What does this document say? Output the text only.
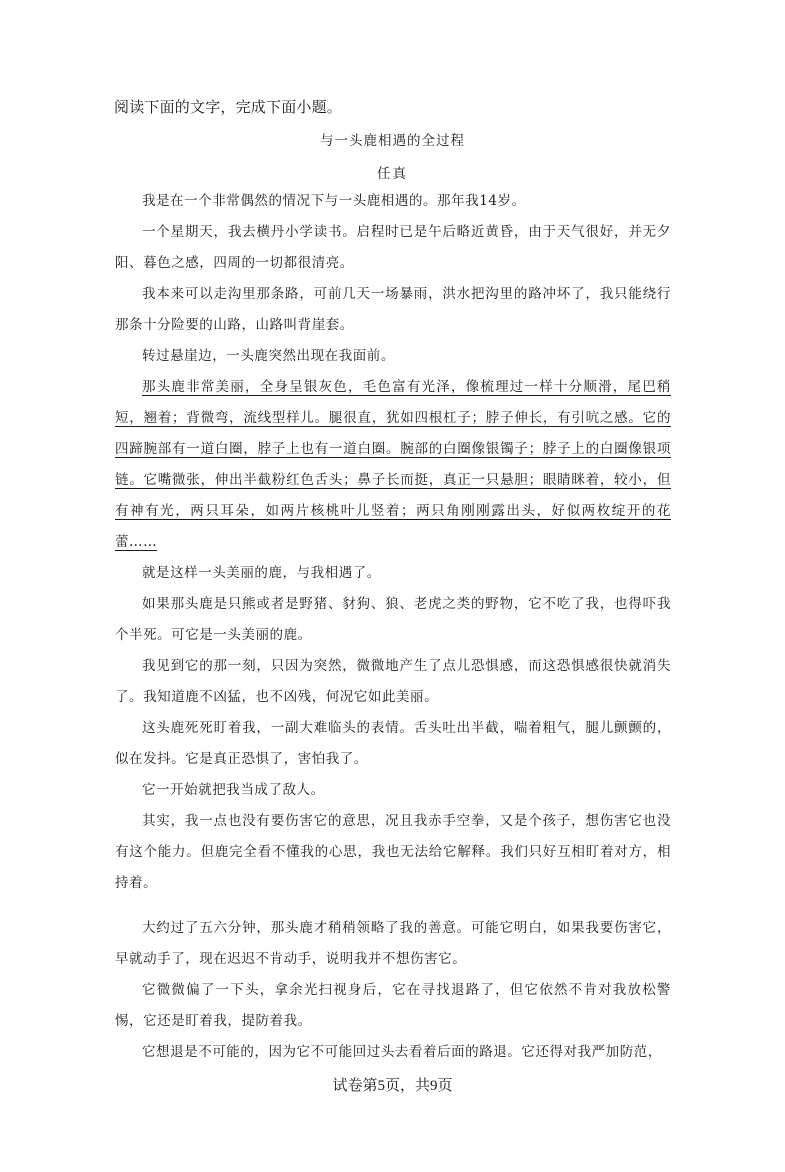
阅读下面的文字，完成下面小题。
与一头鹿相遇的全过程
任真

我是在一个非常偶然的情况下与一头鹿相遇的。那年我14岁。

一个星期天，我去横丹小学读书。启程时已是午后略近黄昏，由于天气很好，并无夕阳、暮色之感，四周的一切都很清亮。

我本来可以走沟里那条路，可前几天一场暴雨，洪水把沟里的路冲坏了，我只能绕行那条十分险要的山路，山路叫背崖套。

转过悬崖边，一头鹿突然出现在我面前。

那头鹿非常美丽，全身呈银灰色，毛色富有光泽，像梳理过一样十分顺滑，尾巴稍短，翘着；背微弯，流线型样儿。腿很直，犹如四根杠子；脖子伸长，有引吭之感。它的四蹄腕部有一道白圈，脖子上也有一道白圈。腕部的白圈像银镯子；脖子上的白圈像银项链。它嘴微张，伸出半截粉红色舌头；鼻子长而挺，真正一只悬胆；眼睛眯着，较小，但有神有光，两只耳朵，如两片核桃叶儿竖着；两只角刚刚露出头，好似两枚绽开的花蕾……

就是这样一头美丽的鹿，与我相遇了。

如果那头鹿是只熊或者是野猪、豺狗、狼、老虎之类的野物，它不吃了我，也得吓我个半死。可它是一头美丽的鹿。

我见到它的那一刻，只因为突然，微微地产生了点儿恐惧感，而这恐惧感很快就消失了。我知道鹿不凶猛，也不凶残，何况它如此美丽。

这头鹿死死盯着我，一副大难临头的表情。舌头吐出半截，喘着粗气，腿儿颤颤的，似在发抖。它是真正恐惧了，害怕我了。

它一开始就把我当成了敌人。

其实，我一点也没有要伤害它的意思，况且我赤手空拳，又是个孩子，想伤害它也没有这个能力。但鹿完全看不懂我的心思，我也无法给它解释。我们只好互相盯着对方，相持着。

大约过了五六分钟，那头鹿才稍稍领略了我的善意。可能它明白，如果我要伤害它，早就动手了，现在迟迟不肯动手，说明我并不想伤害它。

它微微偏了一下头，拿余光扫视身后，它在寻找退路了，但它依然不肯对我放松警惕，它还是盯着我，提防着我。

它想退是不可能的，因为它不可能回过头去看着后面的路退。它还得对我严加防范，

试卷第5页，共9页
